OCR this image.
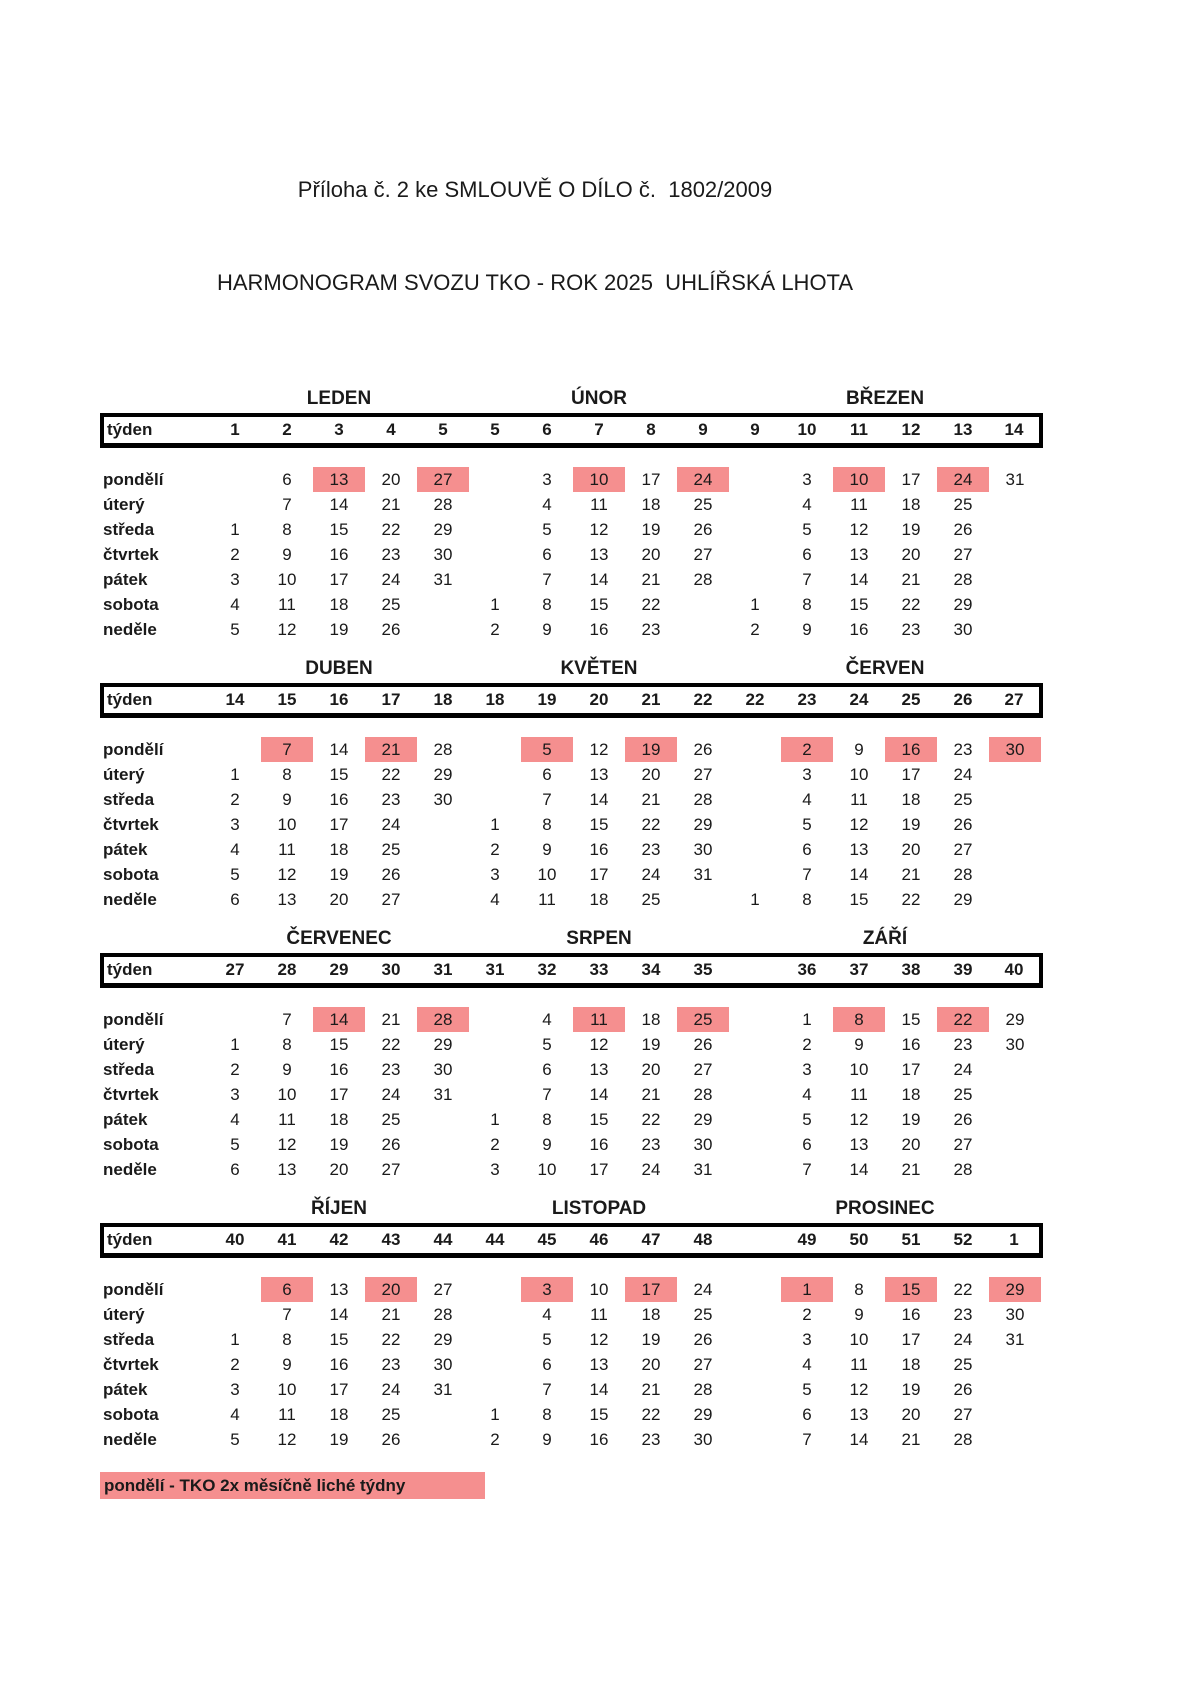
Příloha č. 2 ke SMLOUVĚ O DÍLO č.  1802/2009

HARMONOGRAM SVOZU TKO - ROK 2025  UHLÍŘSKÁ LHOTA

	LEDEN					ÚNOR					BŘEZEN					
týden	1	2	3	4	5	5	6	7	8	9	9	10	11	12	13	14

pondělí		6	13	20	27		3	10	17	24		3	10	17	24	31
úterý		7	14	21	28		4	11	18	25		4	11	18	25	
středa	1	8	15	22	29		5	12	19	26		5	12	19	26	
čtvrtek	2	9	16	23	30		6	13	20	27		6	13	20	27	
pátek	3	10	17	24	31		7	14	21	28		7	14	21	28	
sobota	4	11	18	25		1	8	15	22		1	8	15	22	29	
neděle	5	12	19	26		2	9	16	23		2	9	16	23	30	
	DUBEN					KVĚTEN					ČERVEN					
týden	14	15	16	17	18	18	19	20	21	22	22	23	24	25	26	27

pondělí		7	14	21	28		5	12	19	26		2	9	16	23	30
úterý	1	8	15	22	29		6	13	20	27		3	10	17	24	
středa	2	9	16	23	30		7	14	21	28		4	11	18	25	
čtvrtek	3	10	17	24		1	8	15	22	29		5	12	19	26	
pátek	4	11	18	25		2	9	16	23	30		6	13	20	27	
sobota	5	12	19	26		3	10	17	24	31		7	14	21	28	
neděle	6	13	20	27		4	11	18	25		1	8	15	22	29	
	ČERVENEC					SRPEN					ZÁŘÍ					
týden	27	28	29	30	31	31	32	33	34	35		36	37	38	39	40

pondělí		7	14	21	28		4	11	18	25		1	8	15	22	29
úterý	1	8	15	22	29		5	12	19	26		2	9	16	23	30
středa	2	9	16	23	30		6	13	20	27		3	10	17	24	
čtvrtek	3	10	17	24	31		7	14	21	28		4	11	18	25	
pátek	4	11	18	25		1	8	15	22	29		5	12	19	26	
sobota	5	12	19	26		2	9	16	23	30		6	13	20	27	
neděle	6	13	20	27		3	10	17	24	31		7	14	21	28	
	ŘÍJEN					LISTOPAD					PROSINEC					
týden	40	41	42	43	44	44	45	46	47	48		49	50	51	52	1

pondělí		6	13	20	27		3	10	17	24		1	8	15	22	29
úterý		7	14	21	28		4	11	18	25		2	9	16	23	30
středa	1	8	15	22	29		5	12	19	26		3	10	17	24	31
čtvrtek	2	9	16	23	30		6	13	20	27		4	11	18	25	
pátek	3	10	17	24	31		7	14	21	28		5	12	19	26	
sobota	4	11	18	25		1	8	15	22	29		6	13	20	27	
neděle	5	12	19	26		2	9	16	23	30		7	14	21	28	
pondělí - TKO 2x měsíčně liché týdny
